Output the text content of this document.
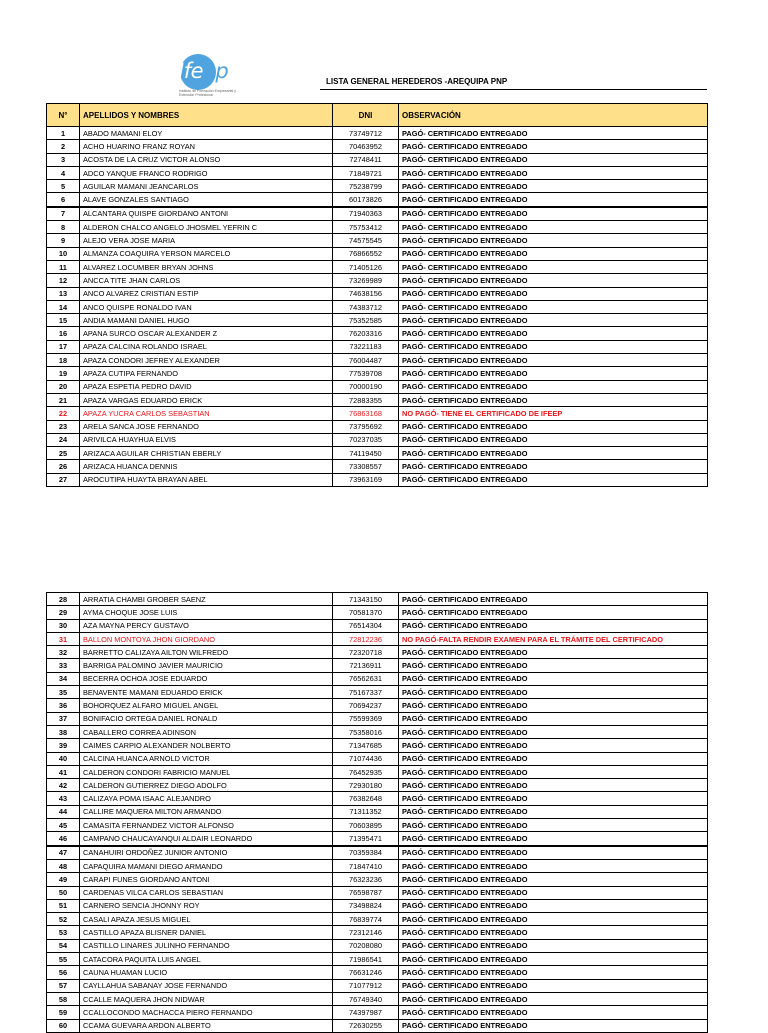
Ifeep
Instituto de Formación Empresarial y Extensión Profesional
LISTA GENERAL HEREDEROS -AREQUIPA PNP
N°	APELLIDOS Y NOMBRES	DNI	OBSERVACIÓN
1	ABADO MAMANI ELOY	73749712	PAGÓ- CERTIFICADO ENTREGADO
2	ACHO HUARINO FRANZ ROYAN	70463952	PAGÓ- CERTIFICADO ENTREGADO
3	ACOSTA DE LA CRUZ VICTOR ALONSO	72748411	PAGÓ- CERTIFICADO ENTREGADO
4	ADCO YANQUE FRANCO RODRIGO	71849721	PAGÓ- CERTIFICADO ENTREGADO
5	AGUILAR MAMANI JEANCARLOS	75238799	PAGÓ- CERTIFICADO ENTREGADO
6	ALAVE GONZALES SANTIAGO	60173826	PAGÓ- CERTIFICADO ENTREGADO
7	ALCANTARA QUISPE GIORDANO ANTONI	71940363	PAGÓ- CERTIFICADO ENTREGADO
8	ALDERON CHALCO ANGELO JHOSMEL YEFRIN C	75753412	PAGÓ- CERTIFICADO ENTREGADO
9	ALEJO VERA JOSE MARIA	74575545	PAGÓ- CERTIFICADO ENTREGADO
10	ALMANZA COAQUIRA YERSON MARCELO	76866552	PAGÓ- CERTIFICADO ENTREGADO
11	ALVAREZ LOCUMBER BRYAN JOHNS	71405126	PAGÓ- CERTIFICADO ENTREGADO
12	ANCCA TITE JHAN CARLOS	73269989	PAGÓ- CERTIFICADO ENTREGADO
13	ANCO ALVAREZ CRISTIAN ESTIP	74638156	PAGÓ- CERTIFICADO ENTREGADO
14	ANCO QUISPE RONALDO IVAN	74383712	PAGÓ- CERTIFICADO ENTREGADO
15	ANDIA MAMANI DANIEL HUGO	75352585	PAGÓ- CERTIFICADO ENTREGADO
16	APANA SURCO OSCAR ALEXANDER Z	76203316	PAGÓ- CERTIFICADO ENTREGADO
17	APAZA CALCINA ROLANDO ISRAEL	73221183	PAGÓ- CERTIFICADO ENTREGADO
18	APAZA CONDORI JEFREY ALEXANDER	76004487	PAGÓ- CERTIFICADO ENTREGADO
19	APAZA CUTIPA FERNANDO	77539708	PAGÓ- CERTIFICADO ENTREGADO
20	APAZA ESPETIA PEDRO DAVID	70000190	PAGÓ- CERTIFICADO ENTREGADO
21	APAZA VARGAS EDUARDO ERICK	72883355	PAGÓ- CERTIFICADO ENTREGADO
22	APAZA YUCRA CARLOS SEBASTIAN	76863168	NO PAGÓ- TIENE EL CERTIFICADO DE IFEEP
23	ARELA SANCA JOSE FERNANDO	73795692	PAGÓ- CERTIFICADO ENTREGADO
24	ARIVILCA HUAYHUA ELVIS	70237035	PAGÓ- CERTIFICADO ENTREGADO
25	ARIZACA AGUILAR CHRISTIAN EBERLY	74119450	PAGÓ- CERTIFICADO ENTREGADO
26	ARIZACA HUANCA DENNIS	73308557	PAGÓ- CERTIFICADO ENTREGADO
27	AROCUTIPA HUAYTA BRAYAN ABEL	73963169	PAGÓ- CERTIFICADO ENTREGADO
28	ARRATIA CHAMBI GROBER SAENZ	71343150	PAGÓ- CERTIFICADO ENTREGADO
29	AYMA CHOQUE JOSE LUIS	70581370	PAGÓ- CERTIFICADO ENTREGADO
30	AZA MAYNA PERCY GUSTAVO	76514304	PAGÓ- CERTIFICADO ENTREGADO
31	BALLON MONTOYA JHON GIORDANO	72812236	NO PAGÓ-FALTA RENDIR EXAMEN PARA EL TRÁMITE DEL CERTIFICADO
32	BARRETTO CALIZAYA AILTON WILFREDO	72320718	PAGÓ- CERTIFICADO ENTREGADO
33	BARRIGA PALOMINO JAVIER MAURICIO	72136911	PAGÓ- CERTIFICADO ENTREGADO
34	BECERRA OCHOA JOSE EDUARDO	76562631	PAGÓ- CERTIFICADO ENTREGADO
35	BENAVENTE MAMANI EDUARDO ERICK	75167337	PAGÓ- CERTIFICADO ENTREGADO
36	BOHORQUEZ ALFARO MIGUEL ANGEL	70694237	PAGÓ- CERTIFICADO ENTREGADO
37	BONIFACIO ORTEGA DANIEL RONALD	75599369	PAGÓ- CERTIFICADO ENTREGADO
38	CABALLERO CORREA ADINSON	75358016	PAGÓ- CERTIFICADO ENTREGADO
39	CAIMES CARPIO ALEXANDER NOLBERTO	71347685	PAGÓ- CERTIFICADO ENTREGADO
40	CALCINA HUANCA ARNOLD VICTOR	71074436	PAGÓ- CERTIFICADO ENTREGADO
41	CALDERON CONDORI FABRICIO MANUEL	76452935	PAGÓ- CERTIFICADO ENTREGADO
42	CALDERON GUTIERREZ DIEGO ADOLFO	72930180	PAGÓ- CERTIFICADO ENTREGADO
43	CALIZAYA POMA ISAAC ALEJANDRO	76382648	PAGÓ- CERTIFICADO ENTREGADO
44	CALLIRE MAQUERA MILTON ARMANDO	71311352	PAGÓ- CERTIFICADO ENTREGADO
45	CAMASITA FERNANDEZ VICTOR ALFONSO	70603895	PAGÓ- CERTIFICADO ENTREGADO
46	CAMPANO CHAUCAYANQUI ALDAIR LEONARDO	71395471	PAGÓ- CERTIFICADO ENTREGADO
47	CANAHUIRI ORDOÑEZ JUNIOR ANTONIO	70359384	PAGÓ- CERTIFICADO ENTREGADO
48	CAPAQUIRA MAMANI DIEGO ARMANDO	71847410	PAGÓ- CERTIFICADO ENTREGADO
49	CARAPI FUNES GIORDANO ANTONI	76323236	PAGÓ- CERTIFICADO ENTREGADO
50	CARDENAS VILCA CARLOS SEBASTIAN	76598787	PAGÓ- CERTIFICADO ENTREGADO
51	CARNERO SENCIA JHONNY ROY	73498824	PAGÓ- CERTIFICADO ENTREGADO
52	CASALI APAZA JESUS MIGUEL	76839774	PAGÓ- CERTIFICADO ENTREGADO
53	CASTILLO APAZA BLISNER DANIEL	72312146	PAGÓ- CERTIFICADO ENTREGADO
54	CASTILLO LINARES JULINHO FERNANDO	70208080	PAGÓ- CERTIFICADO ENTREGADO
55	CATACORA PAQUITA LUIS ANGEL	71986541	PAGÓ- CERTIFICADO ENTREGADO
56	CAUNA HUAMAN LUCIO	76631246	PAGÓ- CERTIFICADO ENTREGADO
57	CAYLLAHUA SABANAY JOSE FERNANDO	71077912	PAGÓ- CERTIFICADO ENTREGADO
58	CCALLE MAQUERA JHON NIDWAR	76749340	PAGÓ- CERTIFICADO ENTREGADO
59	CCALLOCONDO MACHACCA PIERO FERNANDO	74397987	PAGÓ- CERTIFICADO ENTREGADO
60	CCAMA GUEVARA ARDON ALBERTO	72630255	PAGÓ- CERTIFICADO ENTREGADO
